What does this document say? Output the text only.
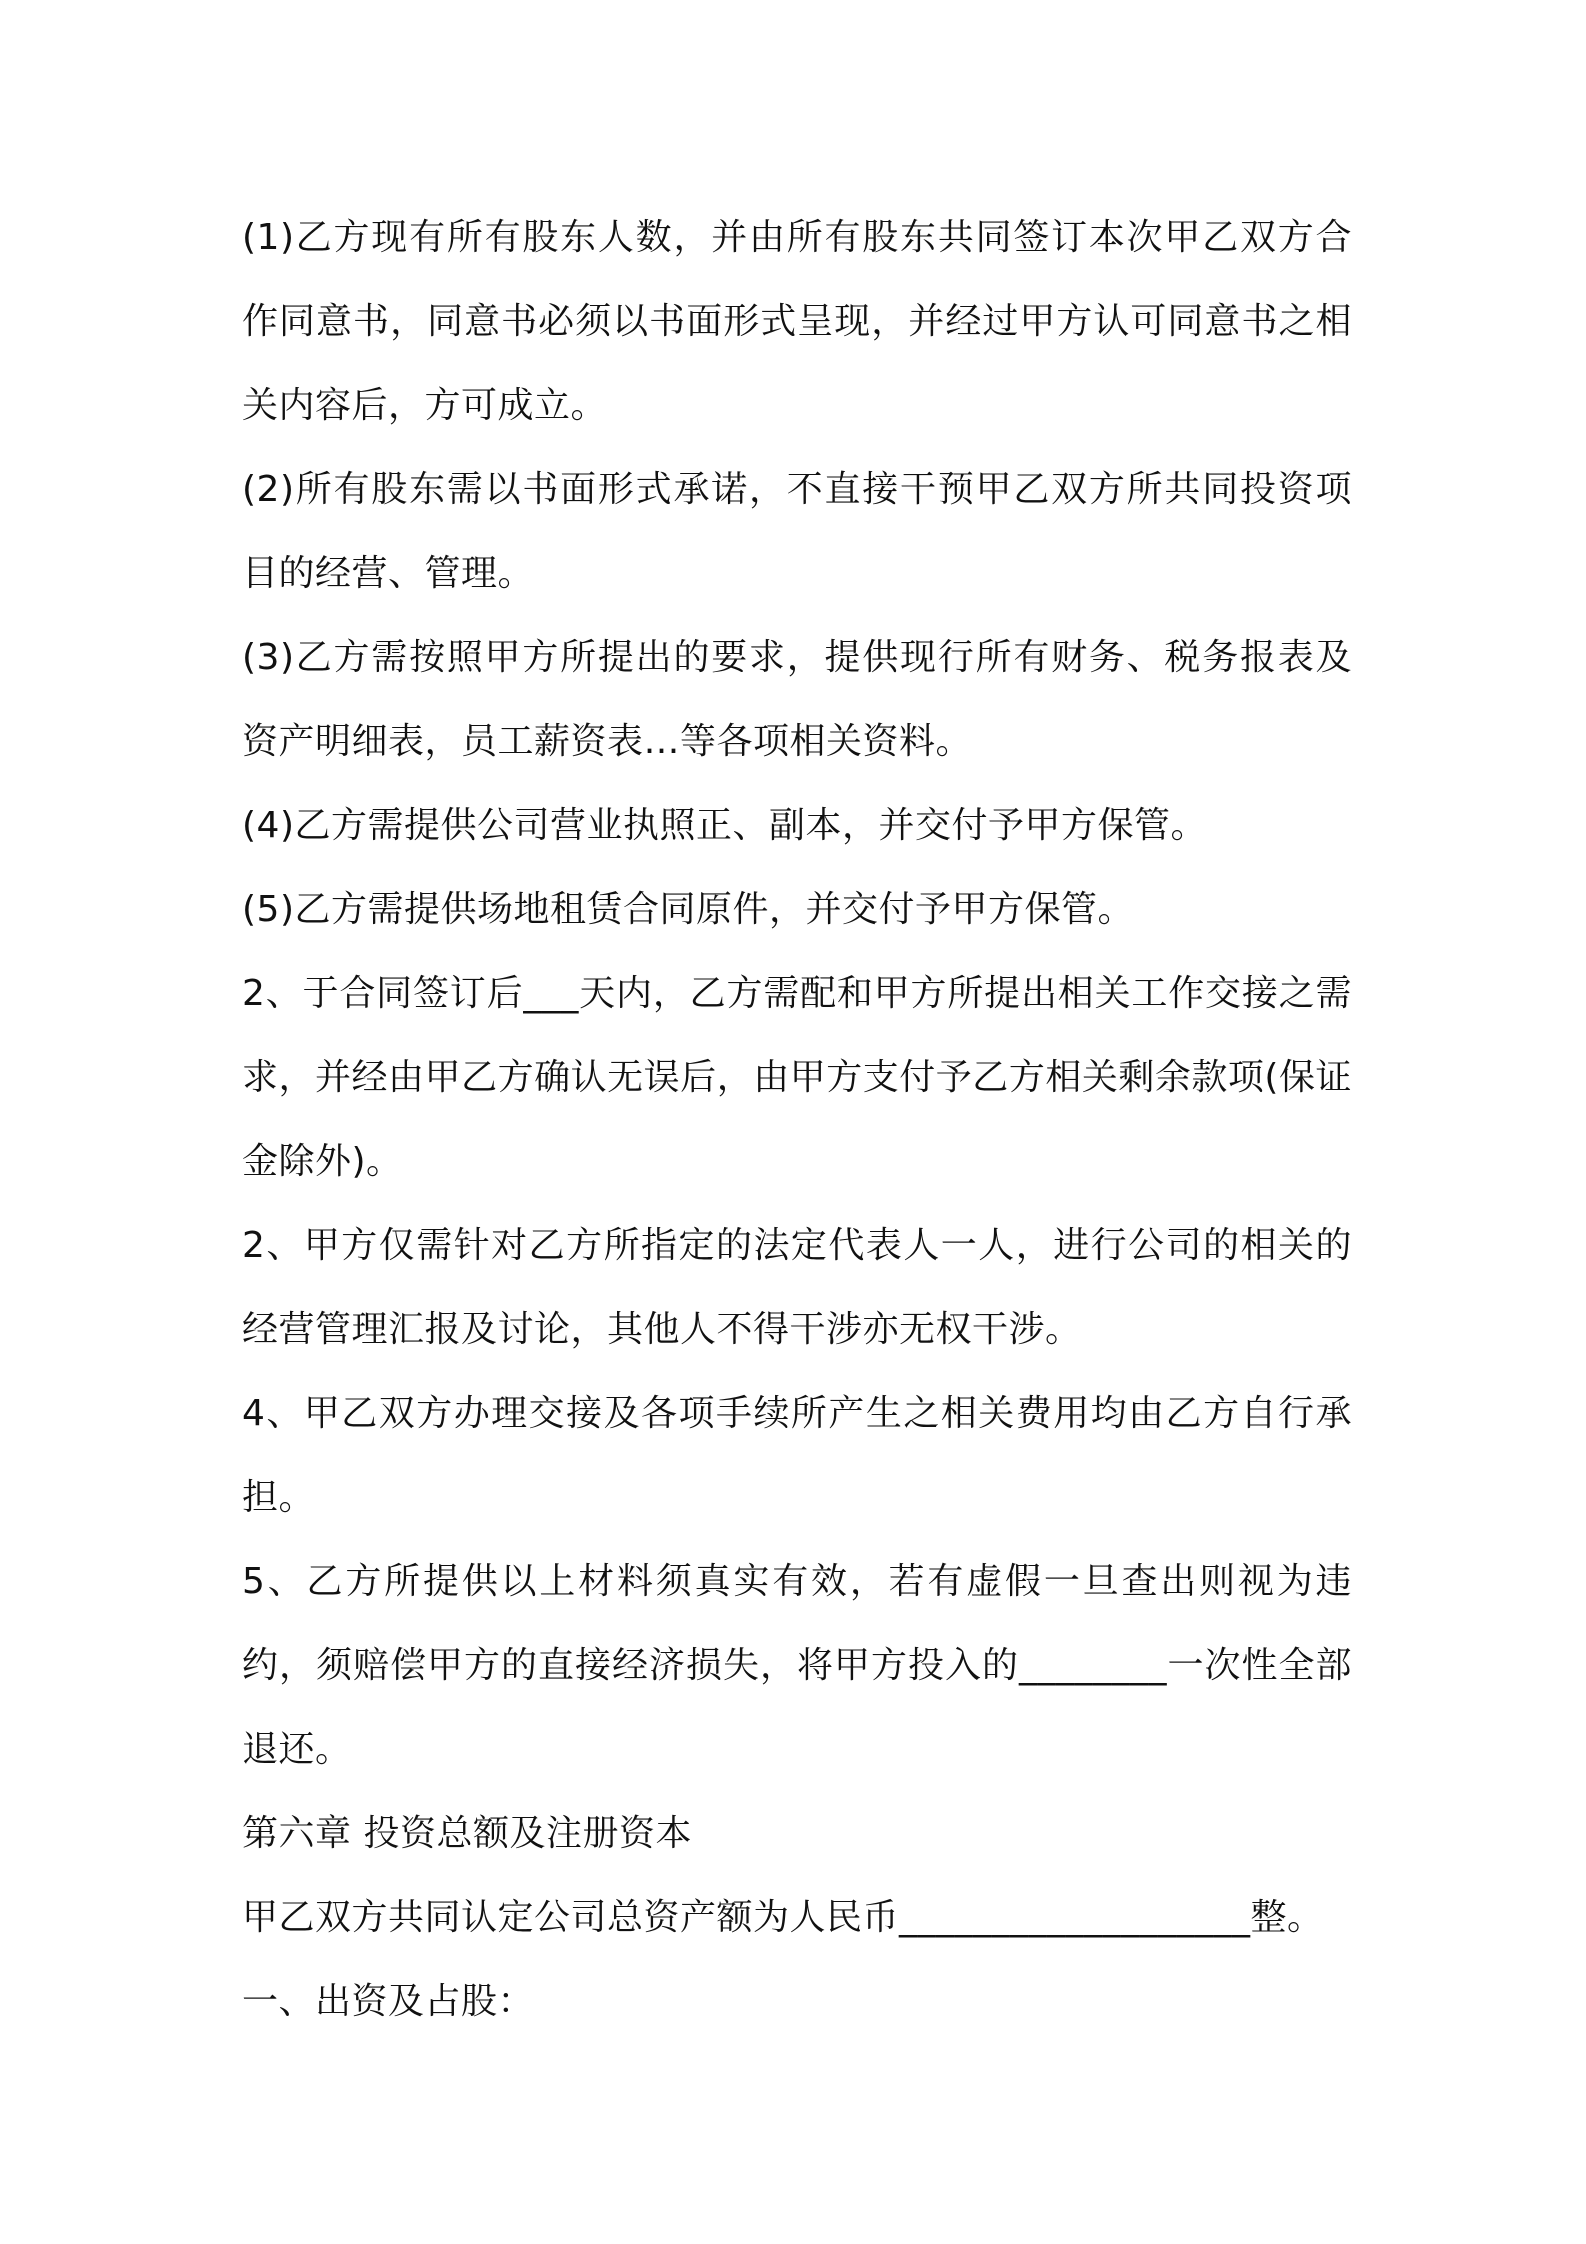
(1)乙方现有所有股东人数，并由所有股东共同签订本次甲乙双方合作同意书，同意书必须以书面形式呈现，并经过甲方认可同意书之相关内容后，方可成立。

(2)所有股东需以书面形式承诺，不直接干预甲乙双方所共同投资项目的经营、管理。

(3)乙方需按照甲方所提出的要求，提供现行所有财务、税务报表及资产明细表，员工薪资表…等各项相关资料。

(4)乙方需提供公司营业执照正、副本，并交付予甲方保管。

(5)乙方需提供场地租赁合同原件，并交付予甲方保管。

2、于合同签订后___天内，乙方需配和甲方所提出相关工作交接之需求，并经由甲乙方确认无误后，由甲方支付予乙方相关剩余款项(保证金除外)。

2、甲方仅需针对乙方所指定的法定代表人一人，进行公司的相关的经营管理汇报及讨论，其他人不得干涉亦无权干涉。

4、甲乙双方办理交接及各项手续所产生之相关费用均由乙方自行承担。

5、乙方所提供以上材料须真实有效，若有虚假一旦查出则视为违约，须赔偿甲方的直接经济损失，将甲方投入的________一次性全部退还。

第六章 投资总额及注册资本

甲乙双方共同认定公司总资产额为人民币___________________整。

一、出资及占股：
